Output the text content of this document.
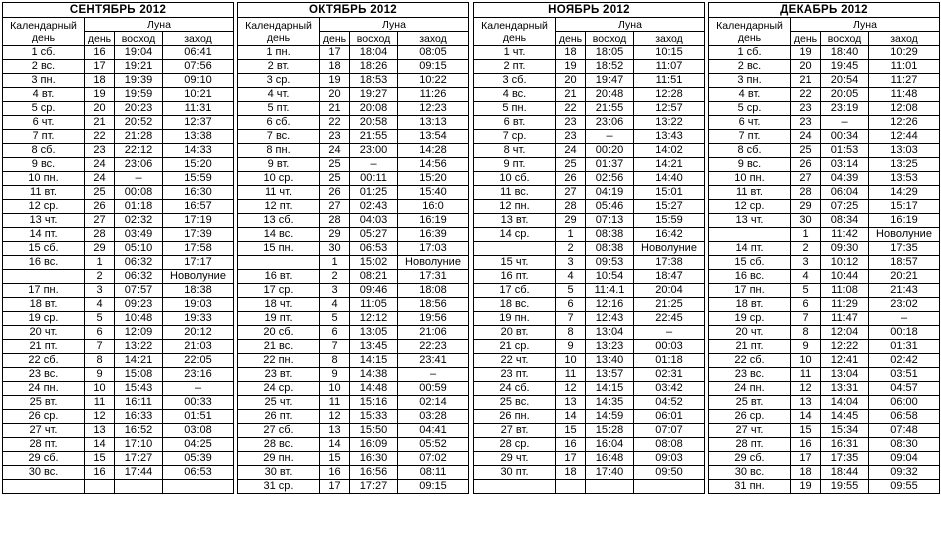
СЕНТЯБРЬ 2012			
Календарный день	Луна		
	день	восход	заход
1 сб.	16	19:04	06:41
2 вс.	17	19:21	07:56
3 пн.	18	19:39	09:10
4 вт.	19	19:59	10:21
5 ср.	20	20:23	11:31
6 чт.	21	20:52	12:37
7 пт.	22	21:28	13:38
8 сб.	23	22:12	14:33
9 вс.	24	23:06	15:20
10 пн.	24	–	15:59
11 вт.	25	00:08	16:30
12 ср.	26	01:18	16:57
13 чт.	27	02:32	17:19
14 пт.	28	03:49	17:39
15 сб.	29	05:10	17:58
16 вс.	1	06:32	17:17
	2	06:32	Новолуние
17 пн.	3	07:57	18:38
18 вт.	4	09:23	19:03
19 ср.	5	10:48	19:33
20 чт.	6	12:09	20:12
21 пт.	7	13:22	21:03
22 сб.	8	14:21	22:05
23 вс.	9	15:08	23:16
24 пн.	10	15:43	–
25 вт.	11	16:11	00:33
26 ср.	12	16:33	01:51
27 чт.	13	16:52	03:08
28 пт.	14	17:10	04:25
29 сб.	15	17:27	05:39
30 вс.	16	17:44	06:53

ОКТЯБРЬ 2012			
Календарный день	Луна		
	день	восход	заход
1 пн.	17	18:04	08:05
2 вт.	18	18:26	09:15
3 ср.	19	18:53	10:22
4 чт.	20	19:27	11:26
5 пт.	21	20:08	12:23
6 сб.	22	20:58	13:13
7 вс.	23	21:55	13:54
8 пн.	24	23:00	14:28
9 вт.	25	–	14:56
10 ср.	25	00:11	15:20
11 чт.	26	01:25	15:40
12 пт.	27	02:43	16:0
13 сб.	28	04:03	16:19
14 вс.	29	05:27	16:39
15 пн.	30	06:53	17:03
	1	15:02	Новолуние
16 вт.	2	08:21	17:31
17 ср.	3	09:46	18:08
18 чт.	4	11:05	18:56
19 пт.	5	12:12	19:56
20 сб.	6	13:05	21:06
21 вс.	7	13:45	22:23
22 пн.	8	14:15	23:41
23 вт.	9	14:38	–
24 ср.	10	14:48	00:59
25 чт.	11	15:16	02:14
26 пт.	12	15:33	03:28
27 сб.	13	15:50	04:41
28 вс.	14	16:09	05:52
29 пн.	15	16:30	07:02
30 вт.	16	16:56	08:11
31 ср.	17	17:27	09:15
НОЯБРЬ 2012			
Календарный день	Луна		
	день	восход	заход
1 чт.	18	18:05	10:15
2 пт.	19	18:52	11:07
3 сб.	20	19:47	11:51
4 вс.	21	20:48	12:28
5 пн.	22	21:55	12:57
6 вт.	23	23:06	13:22
7 ср.	23	–	13:43
8 чт.	24	00:20	14:02
9 пт.	25	01:37	14:21
10 сб.	26	02:56	14:40
11 вс.	27	04:19	15:01
12 пн.	28	05:46	15:27
13 вт.	29	07:13	15:59
14 ср.	1	08:38	16:42
	2	08:38	Новолуние
15 чт.	3	09:53	17:38
16 пт.	4	10:54	18:47
17 сб.	5	11:4.1	20:04
18 вс.	6	12:16	21:25
19 пн.	7	12:43	22:45
20 вт.	8	13:04	–
21 ср.	9	13:23	00:03
22 чт.	10	13:40	01:18
23 пт.	11	13:57	02:31
24 сб.	12	14:15	03:42
25 вс.	13	14:35	04:52
26 пн.	14	14:59	06:01
27 вт.	15	15:28	07:07
28 ср.	16	16:04	08:08
29 чт.	17	16:48	09:03
30 пт.	18	17:40	09:50

ДЕКАБРЬ 2012			
Календарный день	Луна		
	день	восход	заход
1 сб.	19	18:40	10:29
2 вс.	20	19:45	11:01
3 пн.	21	20:54	11:27
4 вт.	22	20:05	11:48
5 ср.	23	23:19	12:08
6 чт.	23	–	12:26
7 пт.	24	00:34	12:44
8 сб.	25	01:53	13:03
9 вс.	26	03:14	13:25
10 пн.	27	04:39	13:53
11 вт.	28	06:04	14:29
12 ср.	29	07:25	15:17
13 чт.	30	08:34	16:19
	1	11:42	Новолуние
14 пт.	2	09:30	17:35
15 сб.	3	10:12	18:57
16 вс.	4	10:44	20:21
17 пн.	5	11:08	21:43
18 вт.	6	11:29	23:02
19 ср.	7	11:47	–
20 чт.	8	12:04	00:18
21 пт.	9	12:22	01:31
22 сб.	10	12:41	02:42
23 вс.	11	13:04	03:51
24 пн.	12	13:31	04:57
25 вт.	13	14:04	06:00
26 ср.	14	14:45	06:58
27 чт.	15	15:34	07:48
28 пт.	16	16:31	08:30
29 сб.	17	17:35	09:04
30 вс.	18	18:44	09:32
31 пн.	19	19:55	09:55
